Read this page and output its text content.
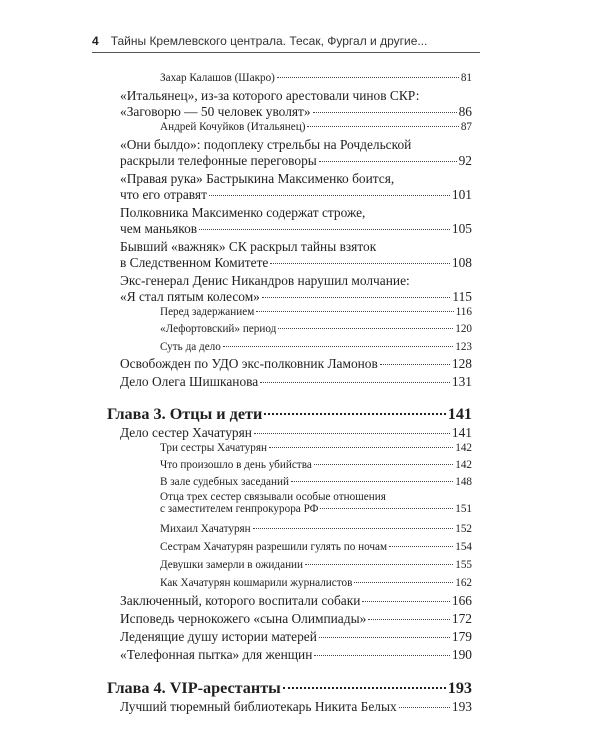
4 Тайны Кремлевского централа. Тесак, Фургал и другие...
Захар Калашов (Шакро)	81
«Итальянец», из-за которого арестовали чинов СКР:
«Заговорю — 50 человек уволят»	86
Андрей Кочуйков (Итальянец)	87
«Они былдо»: подоплеку стрельбы на Рочдельской
раскрыли телефонные переговоры	92
«Правая рука» Бастрыкина Максименко боится,
что его отравят	101
Полковника Максименко содержат строже,
чем маньяков	105
Бывший «важняк» СК раскрыл тайны взяток
в Следственном Комитете	108
Экс-генерал Денис Никандров нарушил молчание:
«Я стал пятым колесом»	115
Перед задержанием	116
«Лефортовский» период	120
Суть да дело	123
Освобожден по УДО экс-полковник Ламонов	128
Дело Олега Шишканова	131
Глава 3. Отцы и дети	141
Дело сестер Хачатурян	141
Три сестры Хачатурян	142
Что произошло в день убийства	142
В зале судебных заседаний	148
Отца трех сестер связывали особые отношения
с заместителем генпрокурора РФ	151
Михаил Хачатурян	152
Сестрам Хачатурян разрешили гулять по ночам	154
Девушки замерли в ожидании	155
Как Хачатурян кошмарили журналистов	162
Заключенный, которого воспитали собаки	166
Исповедь чернокожего «сына Олимпиады»	172
Леденящие душу истории матерей	179
«Телефонная пытка» для женщин	190
Глава 4. VIP-арестанты	193
Лучший тюремный библиотекарь Никита Белых	193
